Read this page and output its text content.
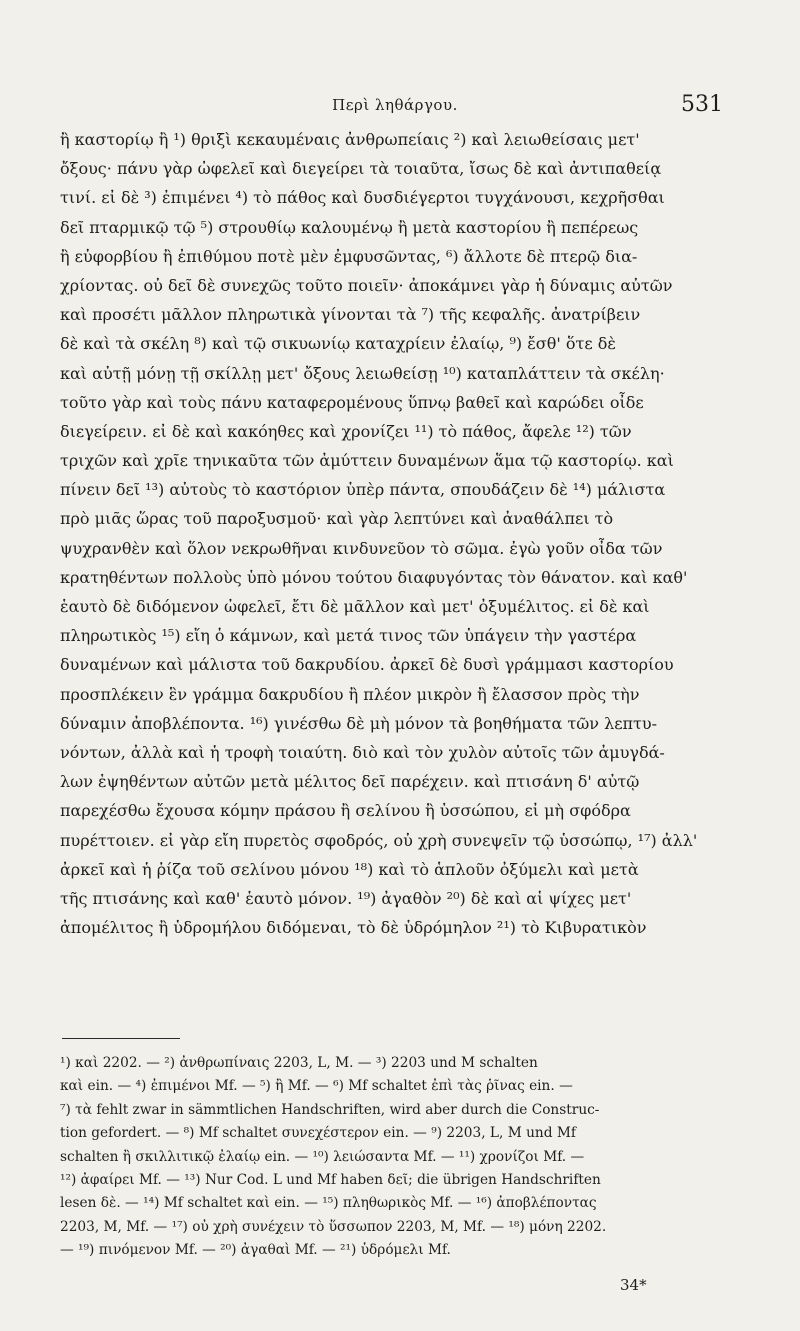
Περὶ ληθάργου.	531
ἢ καστορίῳ ἢ ¹) θριξὶ κεκαυμέναις ἀνθρωπείαις ²) καὶ λειωθείσαις μετ'
ὄξους· πάνυ γὰρ ὠφελεῖ καὶ διεγείρει τὰ τοιαῦτα, ἴσως δὲ καὶ ἀντιπαθείᾳ
τινί. εἰ δὲ ³) ἐπιμένει ⁴) τὸ πάθος καὶ δυσδιέγερτοι τυγχάνουσι, κεχρῆσθαι
δεῖ πταρμικῷ τῷ ⁵) στρουθίῳ καλουμένῳ ἢ μετὰ καστορίου ἢ πεπέρεως
ἢ εὐφορβίου ἢ ἐπιθύμου ποτὲ μὲν ἐμφυσῶντας, ⁶) ἄλλοτε δὲ πτερῷ δια-
χρίοντας. οὐ δεῖ δὲ συνεχῶς τοῦτο ποιεῖν· ἀποκάμνει γὰρ ἡ δύναμις αὐτῶν
καὶ προσέτι μᾶλλον πληρωτικὰ γίνονται τὰ ⁷) τῆς κεφαλῆς. ἀνατρίβειν
δὲ καὶ τὰ σκέλη ⁸) καὶ τῷ σικυωνίῳ καταχρίειν ἐλαίῳ, ⁹) ἔσθ' ὅτε δὲ
καὶ αὐτῇ μόνῃ τῇ σκίλλῃ μετ' ὄξους λειωθείσῃ ¹⁰) καταπλάττειν τὰ σκέλη·
τοῦτο γὰρ καὶ τοὺς πάνυ καταφερομένους ὕπνῳ βαθεῖ καὶ καρώδει οἶδε
διεγείρειν. εἰ δὲ καὶ κακόηθες καὶ χρονίζει ¹¹) τὸ πάθος, ἄφελε ¹²) τῶν
τριχῶν καὶ χρῖε τηνικαῦτα τῶν ἀμύττειν δυναμένων ἅμα τῷ καστορίῳ. καὶ
πίνειν δεῖ ¹³) αὐτοὺς τὸ καστόριον ὑπὲρ πάντα, σπουδάζειν δὲ ¹⁴) μάλιστα
πρὸ μιᾶς ὥρας τοῦ παροξυσμοῦ· καὶ γὰρ λεπτύνει καὶ ἀναθάλπει τὸ
ψυχρανθὲν καὶ ὅλον νεκρωθῆναι κινδυνεῦον τὸ σῶμα. ἐγὼ γοῦν οἶδα τῶν
κρατηθέντων πολλοὺς ὑπὸ μόνου τούτου διαφυγόντας τὸν θάνατον. καὶ καθ'
ἑαυτὸ δὲ διδόμενον ὠφελεῖ, ἔτι δὲ μᾶλλον καὶ μετ' ὀξυμέλιτος. εἰ δὲ καὶ
πληρωτικὸς ¹⁵) εἴη ὁ κάμνων, καὶ μετά τινος τῶν ὑπάγειν τὴν γαστέρα
δυναμένων καὶ μάλιστα τοῦ δακρυδίου. ἀρκεῖ δὲ δυσὶ γράμμασι καστορίου
προσπλέκειν ἓν γράμμα δακρυδίου ἢ πλέον μικρὸν ἢ ἔλασσον πρὸς τὴν
δύναμιν ἀποβλέποντα. ¹⁶) γινέσθω δὲ μὴ μόνον τὰ βοηθήματα τῶν λεπτυ-
νόντων, ἀλλὰ καὶ ἡ τροφὴ τοιαύτη. διὸ καὶ τὸν χυλὸν αὐτοῖς τῶν ἀμυγδά-
λων ἑψηθέντων αὐτῶν μετὰ μέλιτος δεῖ παρέχειν. καὶ πτισάνη δ' αὐτῷ
παρεχέσθω ἔχουσα κόμην πράσου ἢ σελίνου ἢ ὑσσώπου, εἰ μὴ σφόδρα
πυρέττοιεν. εἰ γὰρ εἴη πυρετὸς σφοδρός, οὐ χρὴ συνεψεῖν τῷ ὑσσώπῳ, ¹⁷) ἀλλ'
ἀρκεῖ καὶ ἡ ῥίζα τοῦ σελίνου μόνου ¹⁸) καὶ τὸ ἁπλοῦν ὀξύμελι καὶ μετὰ
τῆς πτισάνης καὶ καθ' ἑαυτὸ μόνον. ¹⁹) ἀγαθὸν ²⁰) δὲ καὶ αἱ ψίχες μετ'
ἀπομέλιτος ἢ ὑδρομήλου διδόμεναι, τὸ δὲ ὑδρόμηλον ²¹) τὸ Κιβυρατικὸν
¹) καὶ 2202. — ²) ἀνθρωπίναις 2203, L, M. — ³) 2203 und M schalten
καὶ ein. — ⁴) ἐπιμένοι Mf. — ⁵) ἢ Mf. — ⁶) Mf schaltet ἐπὶ τὰς ῥῖνας ein. —
⁷) τὰ fehlt zwar in sämmtlichen Handschriften, wird aber durch die Construc-
tion gefordert. — ⁸) Mf schaltet συνεχέστερον ein. — ⁹) 2203, L, M und Mf
schalten ἢ σκιλλιτικῷ ἐλαίῳ ein. — ¹⁰) λειώσαντα Mf. — ¹¹) χρονίζοι Mf. —
¹²) ἀφαίρει Mf. — ¹³) Nur Cod. L und Mf haben δεῖ; die übrigen Handschriften
lesen δὲ. — ¹⁴) Mf schaltet καὶ ein. — ¹⁵) πληθωρικὸς Mf. — ¹⁶) ἀποβλέποντας
2203, M, Mf. — ¹⁷) οὐ χρὴ συνέχειν τὸ ὕσσωπον 2203, M, Mf. — ¹⁸) μόνη 2202.
— ¹⁹) πινόμενον Mf. — ²⁰) ἀγαθαὶ Mf. — ²¹) ὑδρόμελι Mf.
34*
